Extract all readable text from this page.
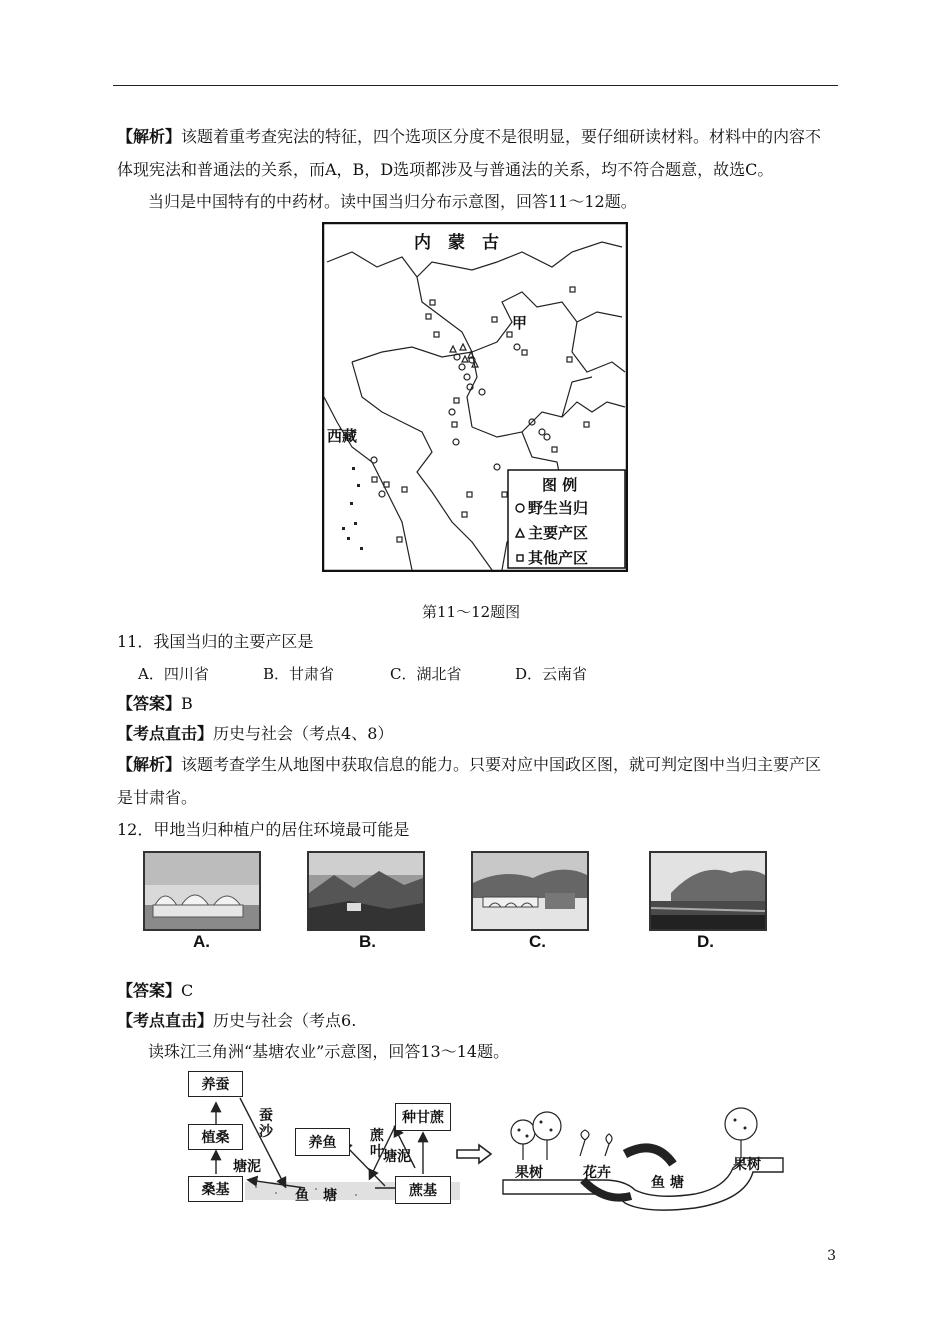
【解析】该题着重考查宪法的特征，四个选项区分度不是很明显，要仔细研读材料。材料中的内容不
体现宪法和普通法的关系，而A，B，D选项都涉及与普通法的关系，均不符合题意，故选C。
当归是中国特有的中药材。读中国当归分布示意图，回答11～12题。
内　蒙　古
甲
西藏
图 例
野生当归
主要产区
其他产区
第11～12题图
11．我国当归的主要产区是
A．四川省	B．甘肃省	C．湖北省	D．云南省
【答案】B
【考点直击】历史与社会（考点4、8）
【解析】该题考查学生从地图中获取信息的能力。只要对应中国政区图，就可判定图中当归主要产区
是甘肃省。
12．甲地当归种植户的居住环境最可能是
A.	B.	C.	D.
【答案】C
【考点直击】历史与社会（考点6.
读珠江三角洲“基塘农业”示意图，回答13～14题。
养蚕
植桑
桑基
养鱼
种甘蔗
蔗基
蚕沙
塘泥
鱼　塘
蔗叶 塘泥
果树	花卉
鱼 塘
果树
3
